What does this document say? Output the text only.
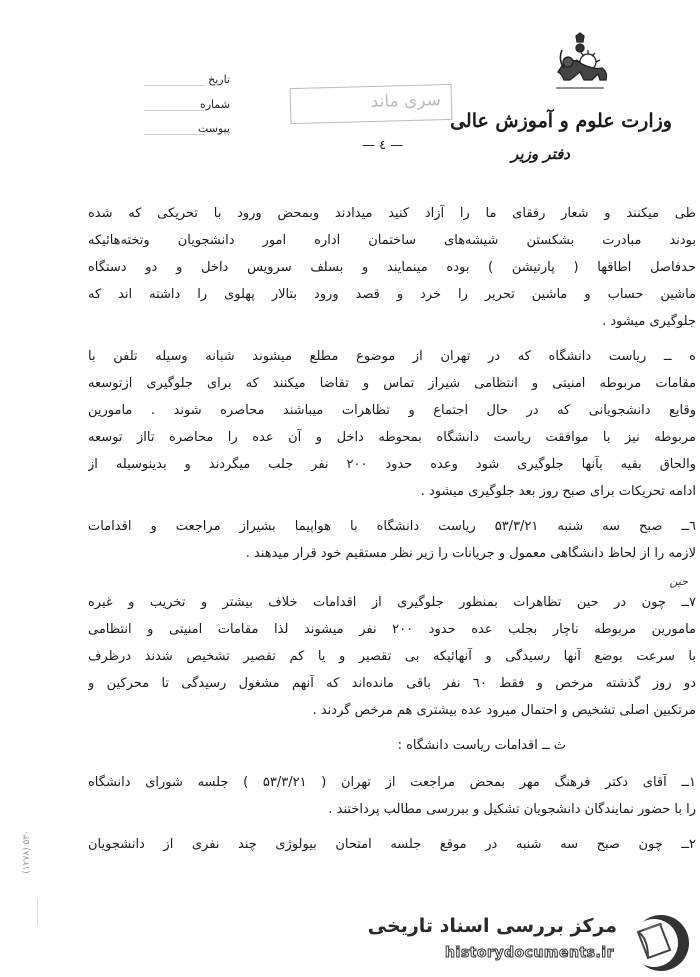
وزارت علوم و آموزش عالی
دفتر وزیر
تاریخ
شماره
پیوست
سری ماند
— ٤ —
طی میکنند و شعار رفقای ما را آزاد کنید میدادند وبمحض ورود با تحریکی که شده
بودند مبادرت بشکستن شیشه‌های ساختمان اداره امور دانشجویان وتخته‌هائیکه
حدفاصل اطاقها ( پارتیشن ) بوده مینمایند و بسلف سرویس داخل و دو دستگاه
ماشین حساب و ماشین تحریر را خرد و قصد ورود بتالار پهلوی را داشته اند که
جلوگیری میشود .
ه ــ ریاست دانشگاه که در تهران از موضوع مطلع میشوند شبانه وسیله تلفن با
مقامات مربوطه امنیتی و انتظامی شیراز تماس و تقاضا میکنند که برای جلوگیری ازتوسعه
وقایع دانشجویانی که در حال اجتماع و تظاهرات میباشند محاصره شوند . مامورین
مربوطه نیز با موافقت ریاست دانشگاه بمحوطه داخل و آن عده را محاصره تااز توسعه
والحاق بقیه بآنها جلوگیری شود وعده حدود ۲۰۰ نفر جلب میگردند و بدینوسیله از
ادامه تحریکات برای صبح روز بعد جلوگیری میشود .
٦ــ صبح سه شنبه ۵۳/۳/۲۱ ریاست دانشگاه با هواپیما بشیراز مراجعت و اقدامات
لازمه را از لحاظ دانشگاهی معمول و جریانات را زیر نظر مستقیم خود قرار میدهند .
حین
۷ــ چون در حین تظاهرات بمنظور جلوگیری از اقدامات خلاف بیشتر و تخریب و غیره
مامورین مربوطه ناچار بجلب عده حدود ۲۰۰ نفر میشوند لذا مقامات امنیتی و انتظامی
با سرعت بوضع آنها رسیدگی و آنهائیکه بی تقصیر و یا کم تقصیر تشخیص شدند درظرف
دو روز گذشته مرخص و فقط ٦۰ نفر باقی مانده‌اند که آنهم مشغول رسیدگی تا محرکین و
مرتکبین اصلی تشخیص و احتمال میرود عده بیشتری هم مرخص گردند .
ث ــ اقدامات ریاست دانشگاه :
۱ــ آقای دکتر فرهنگ مهر بمحض مراجعت از تهران ( ۵۳/۳/۲۱ ) جلسه شورای دانشگاه
را با حضور نمایندگان دانشجویان تشکیل و ببررسی مطالب پرداختند .
۲ــ چون صبح سه شنبه در موقع جلسه امتحان بیولوژی چند نفری از دانشجویان
(۱۲۷۸) ۵۳۰
مرکز بررسی اسناد تاریخی
historydocuments.ir
